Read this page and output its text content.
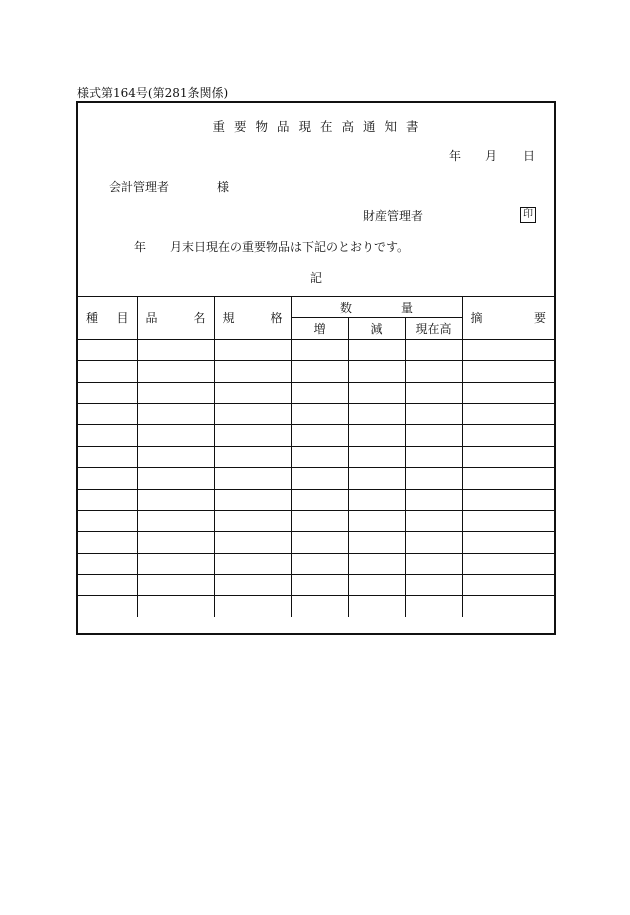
様式第164号(第281条関係)
重要物品現在高通知書
年 月 日
会計管理者	様
財産管理者	印
年 月末日現在の重要物品は下記のとおりです。
記
種 目	品 名	規 格	数 量			摘 要

			増	減	現在高	
